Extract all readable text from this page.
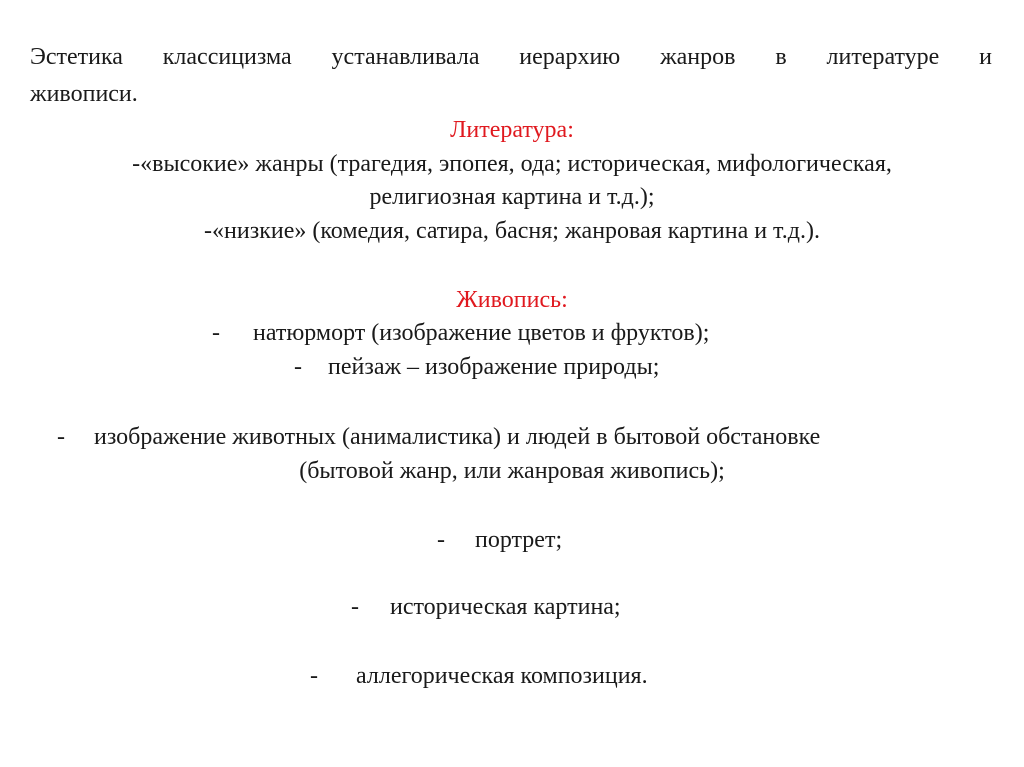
Эстетика классицизма устанавливала иерархию жанров в литературе и
живописи.
Литература:
-«высокие» жанры (трагедия, эпопея, ода; историческая, мифологическая,
религиозная картина и т.д.);
-«низкие» (комедия, сатира, басня; жанровая картина и т.д.).
Живопись:
- натюрморт (изображение цветов и фруктов);
- пейзаж – изображение природы;
- изображение животных (анималистика) и людей в бытовой обстановке
(бытовой жанр, или жанровая живопись);
- портрет;
- историческая картина;
- аллегорическая композиция.
